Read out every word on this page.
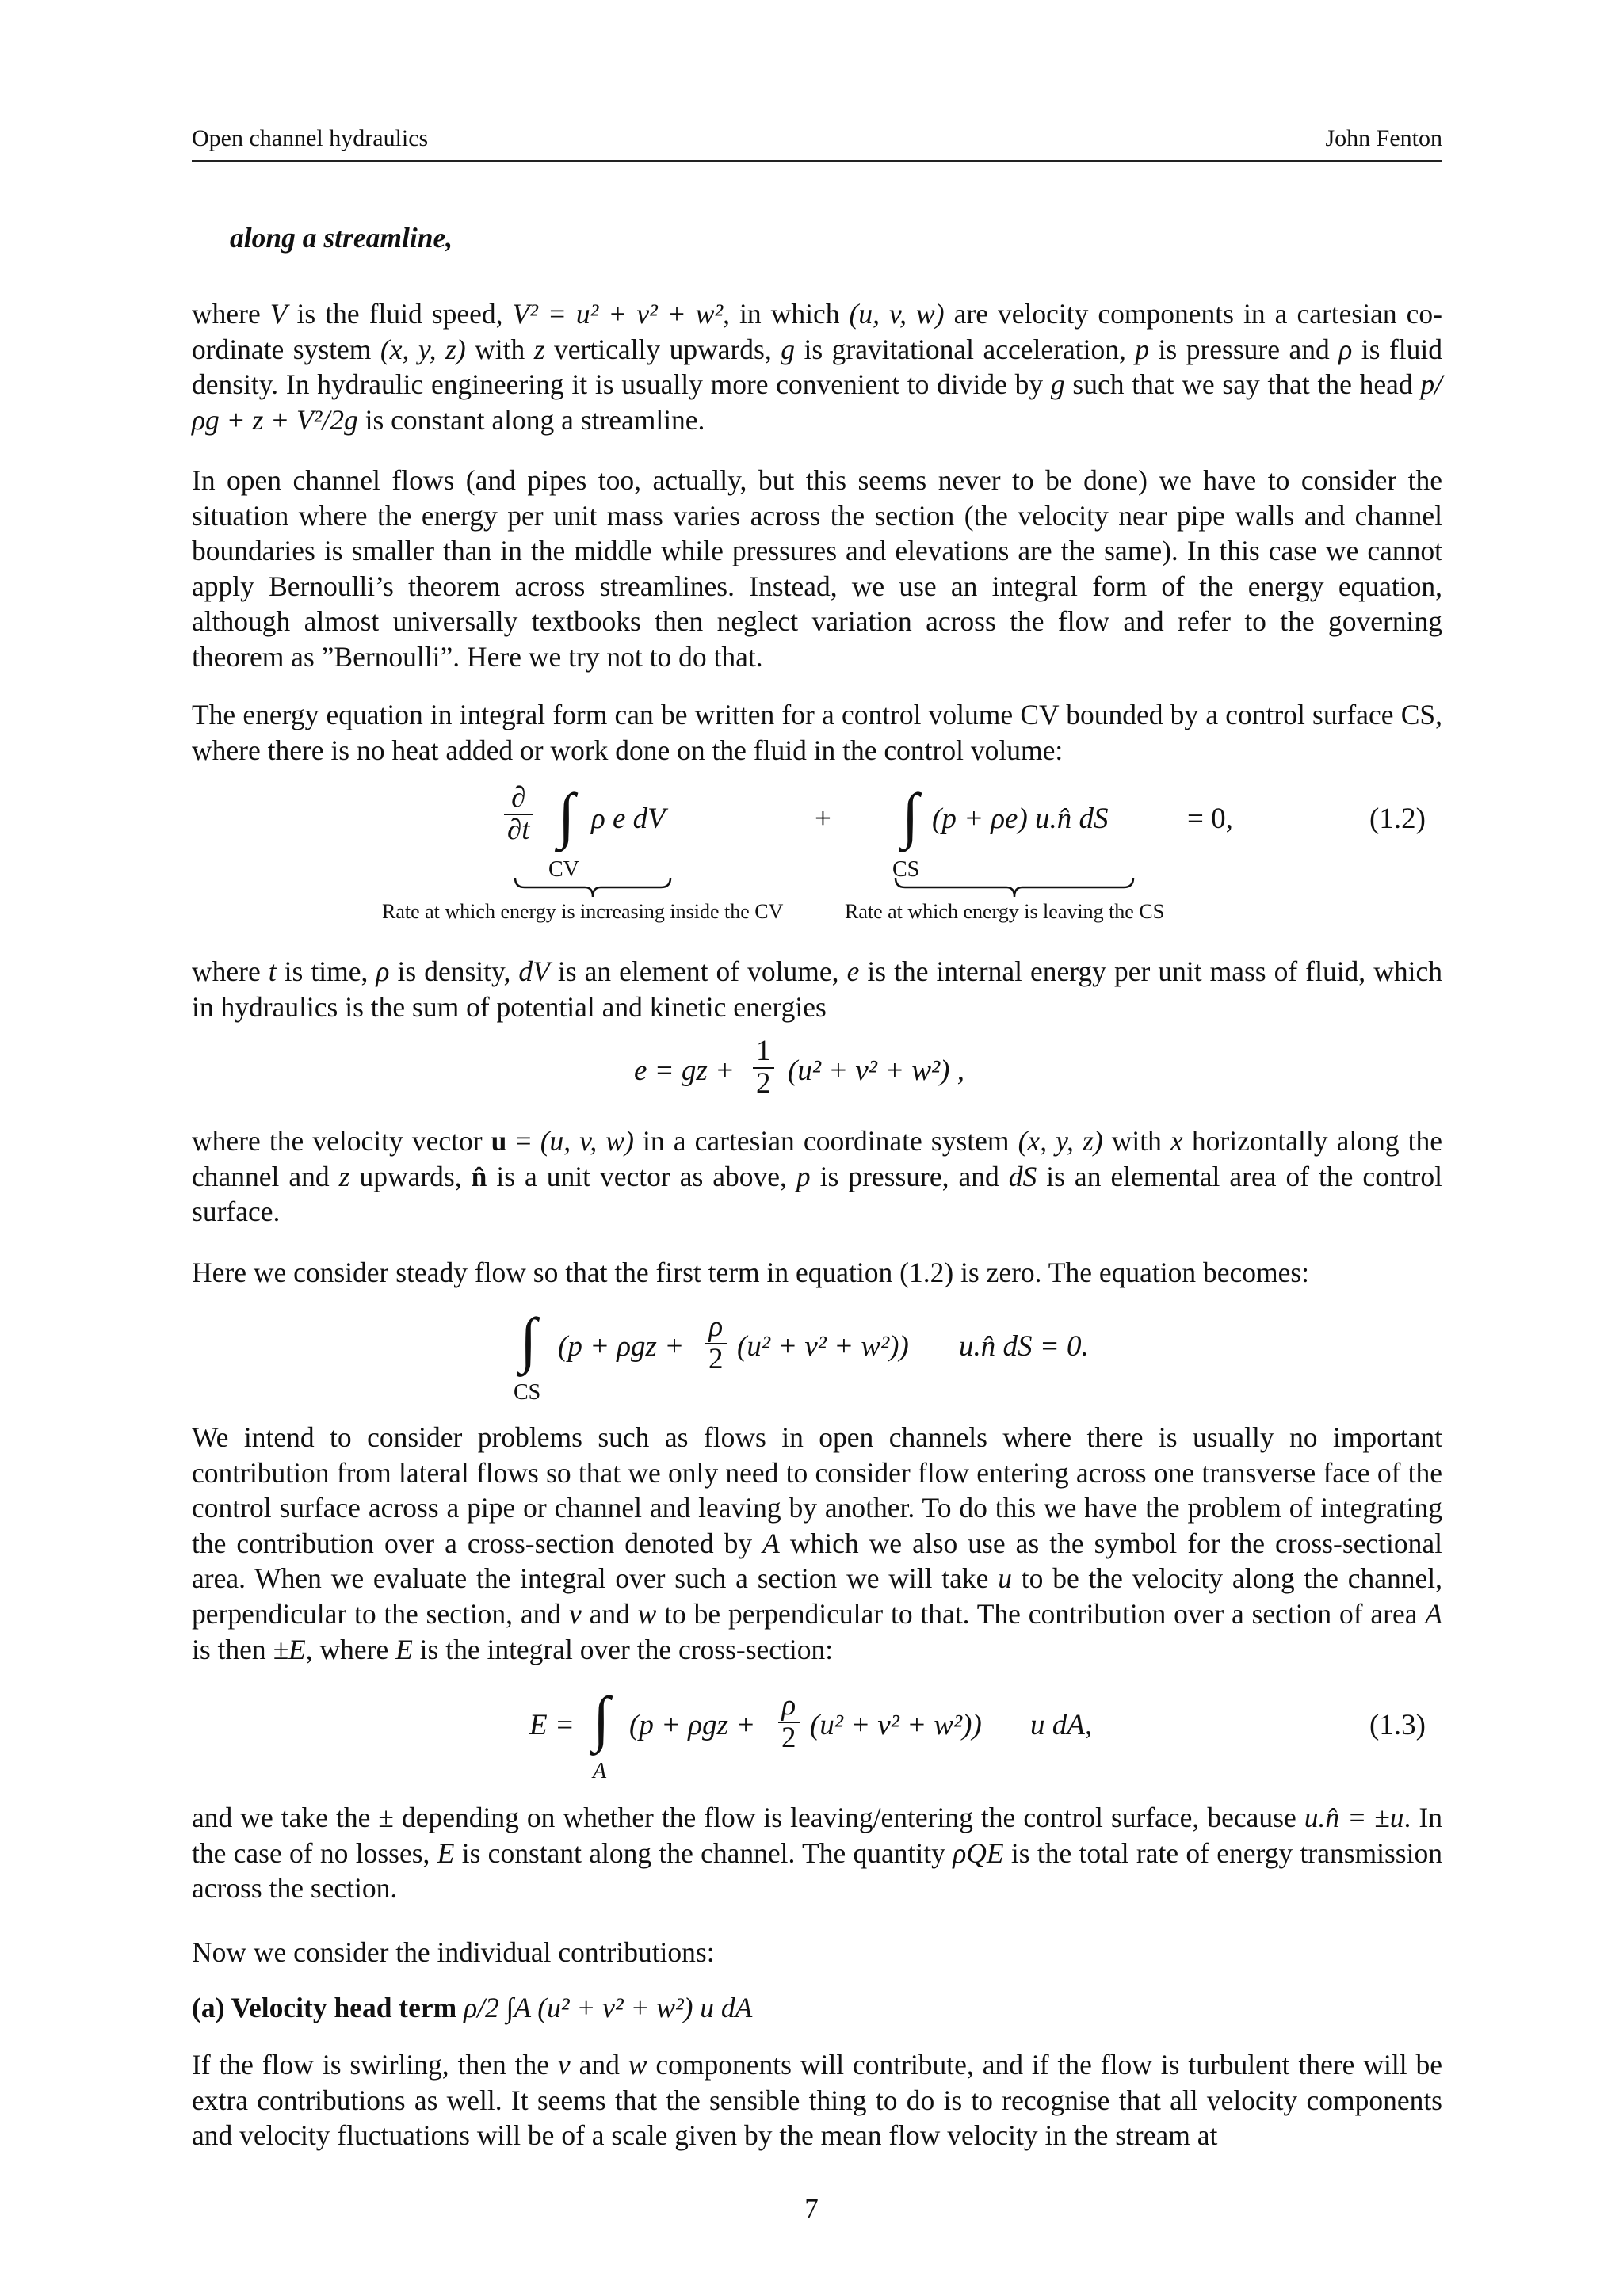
Open channel hydraulics	John Fenton

along a streamline,

where V is the fluid speed, V² = u² + v² + w², in which (u, v, w) are velocity components in a cartesian co-ordinate system (x, y, z) with z vertically upwards, g is gravitational acceleration, p is pressure and ρ is fluid density. In hydraulic engineering it is usually more convenient to divide by g such that we say that the head p/ρg + z + V²/2g is constant along a streamline.

In open channel flows (and pipes too, actually, but this seems never to be done) we have to consider the situation where the energy per unit mass varies across the section (the velocity near pipe walls and channel boundaries is smaller than in the middle while pressures and elevations are the same). In this case we cannot apply Bernoulli’s theorem across streamlines. Instead, we use an integral form of the energy equation, although almost universally textbooks then neglect variation across the flow and refer to the governing theorem as ”Bernoulli”. Here we try not to do that.

The energy equation in integral form can be written for a control volume CV bounded by a control surface CS, where there is no heat added or work done on the fluid in the control volume:

∂
∂t ∫ ρ e dV
CV
+ ∫ (p + ρe) u.n̂ dS
CS
= 0,	(1.2)
Rate at which energy is increasing inside the CV	Rate at which energy is leaving the CS

where t is time, ρ is density, dV is an element of volume, e is the internal energy per unit mass of fluid, which in hydraulics is the sum of potential and kinetic energies

e = gz + $\frac{1}{2} (u^2 + v^2 + w^2)$ ,

where the velocity vector u = (u, v, w) in a cartesian coordinate system (x, y, z) with x horizontally along the channel and z upwards, n̂ is a unit vector as above, p is pressure, and dS is an elemental area of the control surface.

Here we consider steady flow so that the first term in equation (1.2) is zero. The equation becomes:

∫ $(p + \rho gz + \frac{\rho}{2} (u^2 + v^2 + w^2))$ u.n̂ dS = 0.
CS

We intend to consider problems such as flows in open channels where there is usually no important contribution from lateral flows so that we only need to consider flow entering across one transverse face of the control surface across a pipe or channel and leaving by another. To do this we have the problem of integrating the contribution over a cross-section denoted by A which we also use as the symbol for the cross-sectional area. When we evaluate the integral over such a section we will take u to be the velocity along the channel, perpendicular to the section, and v and w to be perpendicular to that. The contribution over a section of area A is then ±E, where E is the integral over the cross-section:

E = ∫ $(p + \rho gz + \frac{\rho}{2} (u^2 + v^2 + w^2))$ u dA,
A
(1.3)

and we take the ± depending on whether the flow is leaving/entering the control surface, because u.n̂ = ±u. In the case of no losses, E is constant along the channel. The quantity ρQE is the total rate of energy transmission across the section.

Now we consider the individual contributions:

(a) Velocity head term ρ/2 ∫A (u² + v² + w²) u dA

If the flow is swirling, then the v and w components will contribute, and if the flow is turbulent there will be extra contributions as well. It seems that the sensible thing to do is to recognise that all velocity components and velocity fluctuations will be of a scale given by the mean flow velocity in the stream at

7
